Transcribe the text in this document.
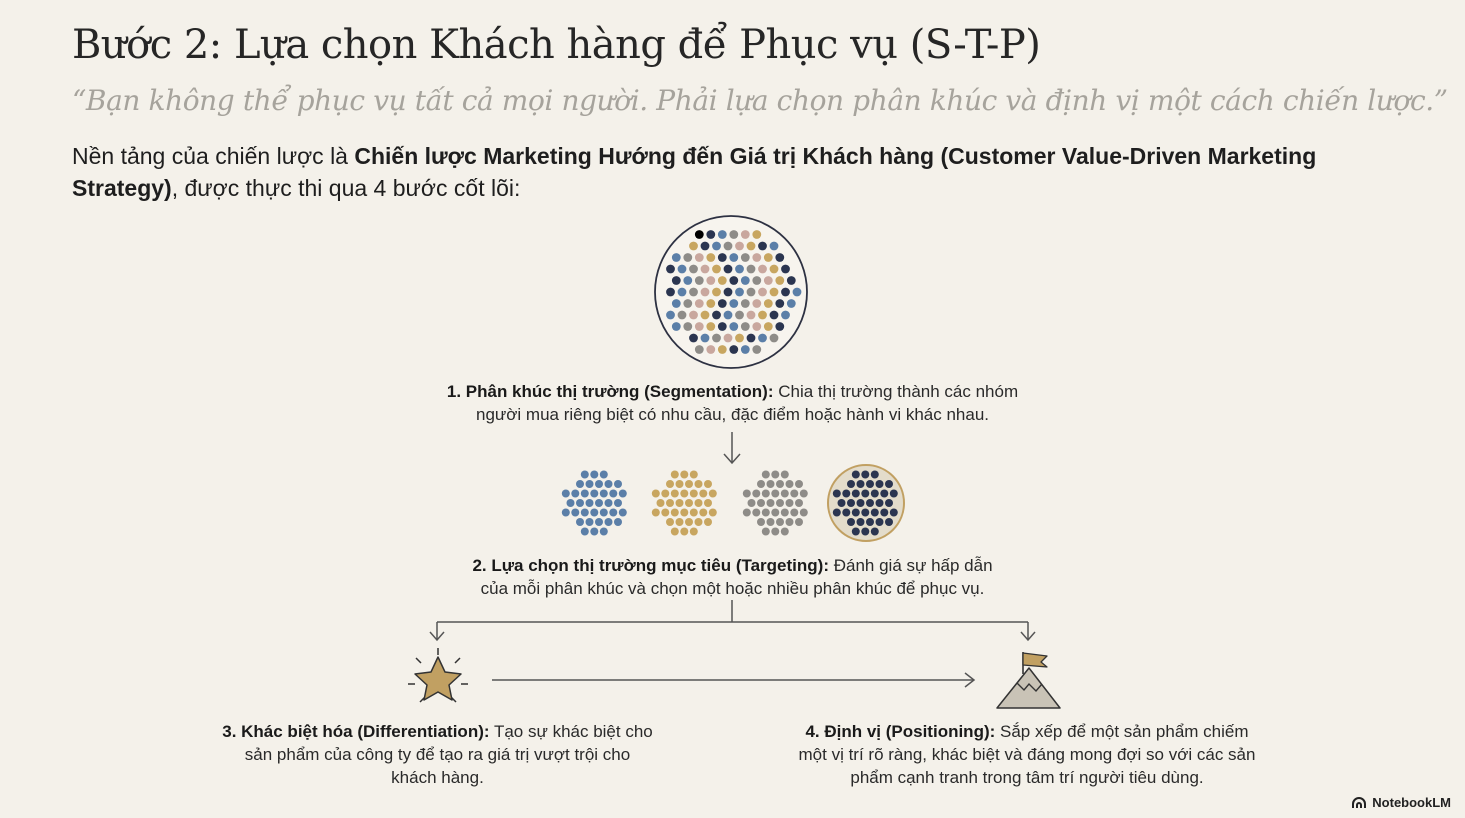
Bước 2: Lựa chọn Khách hàng để Phục vụ (S-T-P)
“Bạn không thể phục vụ tất cả mọi người. Phải lựa chọn phân khúc và định vị một cách chiến lược.”
Nền tảng của chiến lược là Chiến lược Marketing Hướng đến Giá trị Khách hàng (Customer Value-Driven Marketing Strategy), được thực thi qua 4 bước cốt lõi:
1. Phân khúc thị trường (Segmentation): Chia thị trường thành các nhóm người mua riêng biệt có nhu cầu, đặc điểm hoặc hành vi khác nhau.
2. Lựa chọn thị trường mục tiêu (Targeting): Đánh giá sự hấp dẫn của mỗi phân khúc và chọn một hoặc nhiều phân khúc để phục vụ.
3. Khác biệt hóa (Differentiation): Tạo sự khác biệt cho sản phẩm của công ty để tạo ra giá trị vượt trội cho khách hàng.
4. Định vị (Positioning): Sắp xếp để một sản phẩm chiếm một vị trí rõ ràng, khác biệt và đáng mong đợi so với các sản phẩm cạnh tranh trong tâm trí người tiêu dùng.
NotebookLM
